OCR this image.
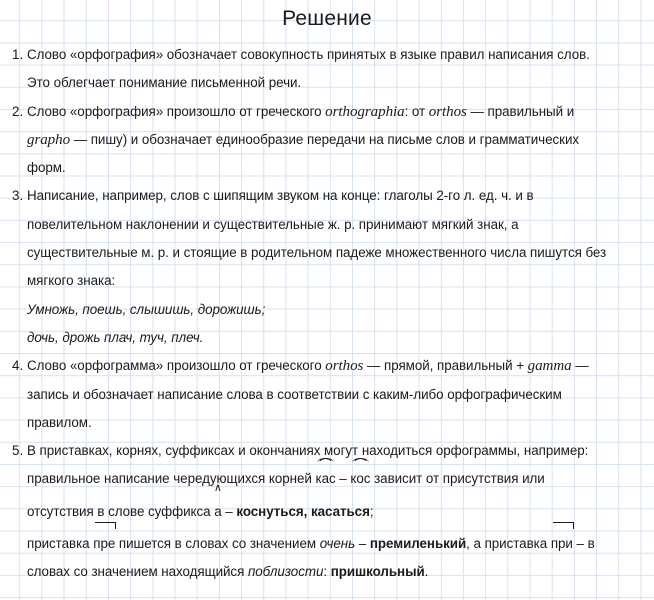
Решение
1. Слово «орфография» обозначает совокупность принятых в языке правил написания слов.
Это облегчает понимание письменной речи.
2. Слово «орфография» произошло от греческого orthographia: от orthos — правильный и
grapho — пишу) и обозначает единообразие передачи на письме слов и грамматических
форм.
3. Написание, например, слов с шипящим звуком на конце: глаголы 2-го л. ед. ч. и в
повелительном наклонении и существительные ж. р. принимают мягкий знак, а
существительные м. р. и стоящие в родительном падеже множественного числа пишутся без
мягкого знака:
Умножь, поешь, слышишь, дорожишь;
дочь, дрожь плач, туч, плеч.
4. Слово «орфограмма» произошло от греческого orthos — прямой, правильный + gamma —
запись и обозначает написание слова в соответствии с каким-либо орфографическим
правилом.
5. В приставках, корнях, суффиксах и окончаниях могут находиться орфограммы, например:
правильное написание чередующихся корней кас – кос зависит от присутствия или
отсутствия в слове суффикса ∧ а – коснуться, касаться;
приставка пре пишется в словах со значением очень – премиленький, а приставка при – в
словах со значением находящийся поблизости: пришкольный.
